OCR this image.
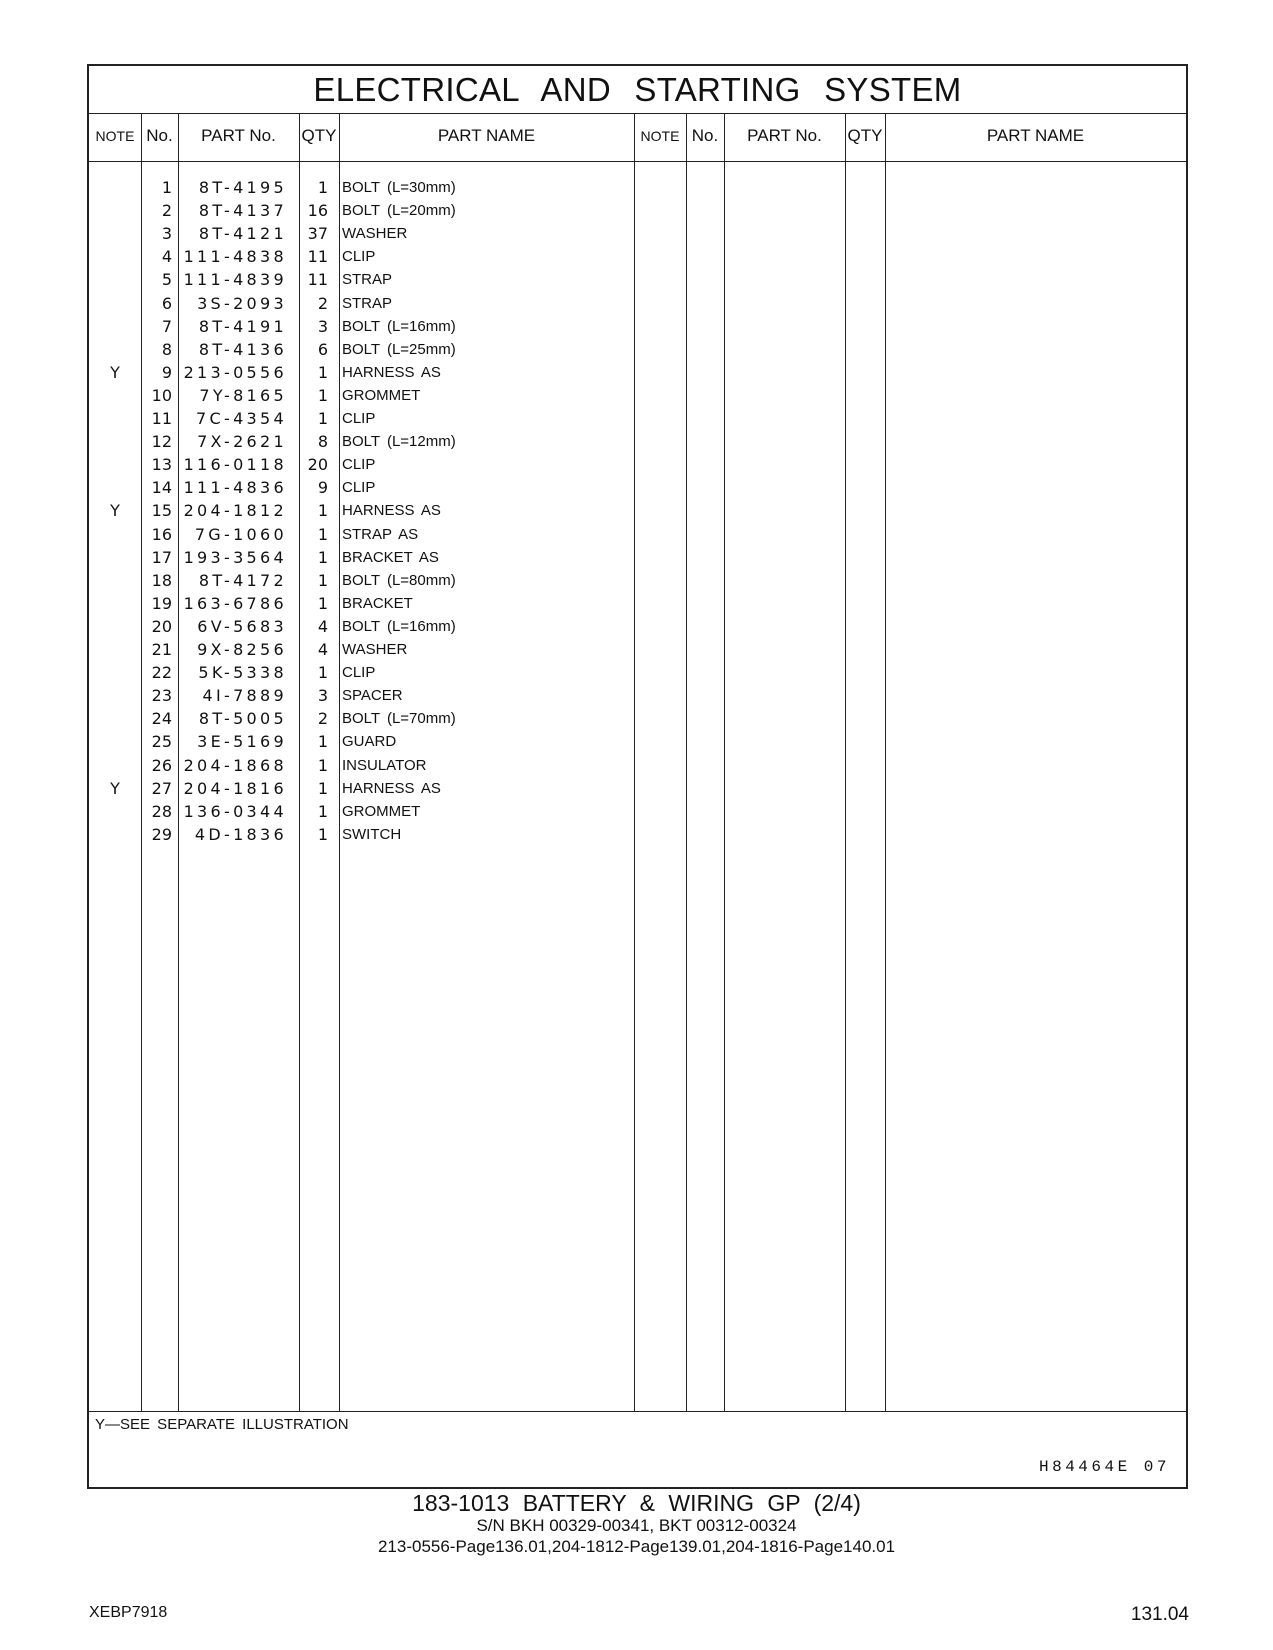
ELECTRICAL AND STARTING SYSTEM
NOTE No.	PART No.	QTY	PART NAME	NOTE No.	PART No.	QTY	PART NAME
1	8T-4195	1 BOLT (L=30mm)
2	8T-4137	16 BOLT (L=20mm)
3	8T-4121	37 WASHER
4 111-4838	11 CLIP
5 111-4839	11 STRAP
6	3S-2093	2 STRAP
7	8T-4191	3 BOLT (L=16mm)
8	8T-4136	6 BOLT (L=25mm)
Y	9 213-0556	1 HARNESS AS
10	7Y-8165	1 GROMMET
11	7C-4354	1 CLIP
12	7X-2621	8 BOLT (L=12mm)
13 116-0118	20 CLIP
14 111-4836	9 CLIP
Y	15 204-1812	1 HARNESS AS
16	7G-1060	1 STRAP AS
17 193-3564	1 BRACKET AS
18	8T-4172	1 BOLT (L=80mm)
19 163-6786	1 BRACKET
20	6V-5683	4 BOLT (L=16mm)
21	9X-8256	4 WASHER
22	5K-5338	1 CLIP
23	4I-7889	3 SPACER
24	8T-5005	2 BOLT (L=70mm)
25	3E-5169	1 GUARD
26 204-1868	1 INSULATOR
Y	27 204-1816	1 HARNESS AS
28 136-0344	1 GROMMET
29	4D-1836	1 SWITCH
Y―SEE SEPARATE ILLUSTRATION
H84464E 07
183-1013 BATTERY & WIRING GP (2/4)
S/N BKH 00329-00341, BKT 00312-00324
213-0556-Page136.01,204-1812-Page139.01,204-1816-Page140.01
XEBP7918	131.04
